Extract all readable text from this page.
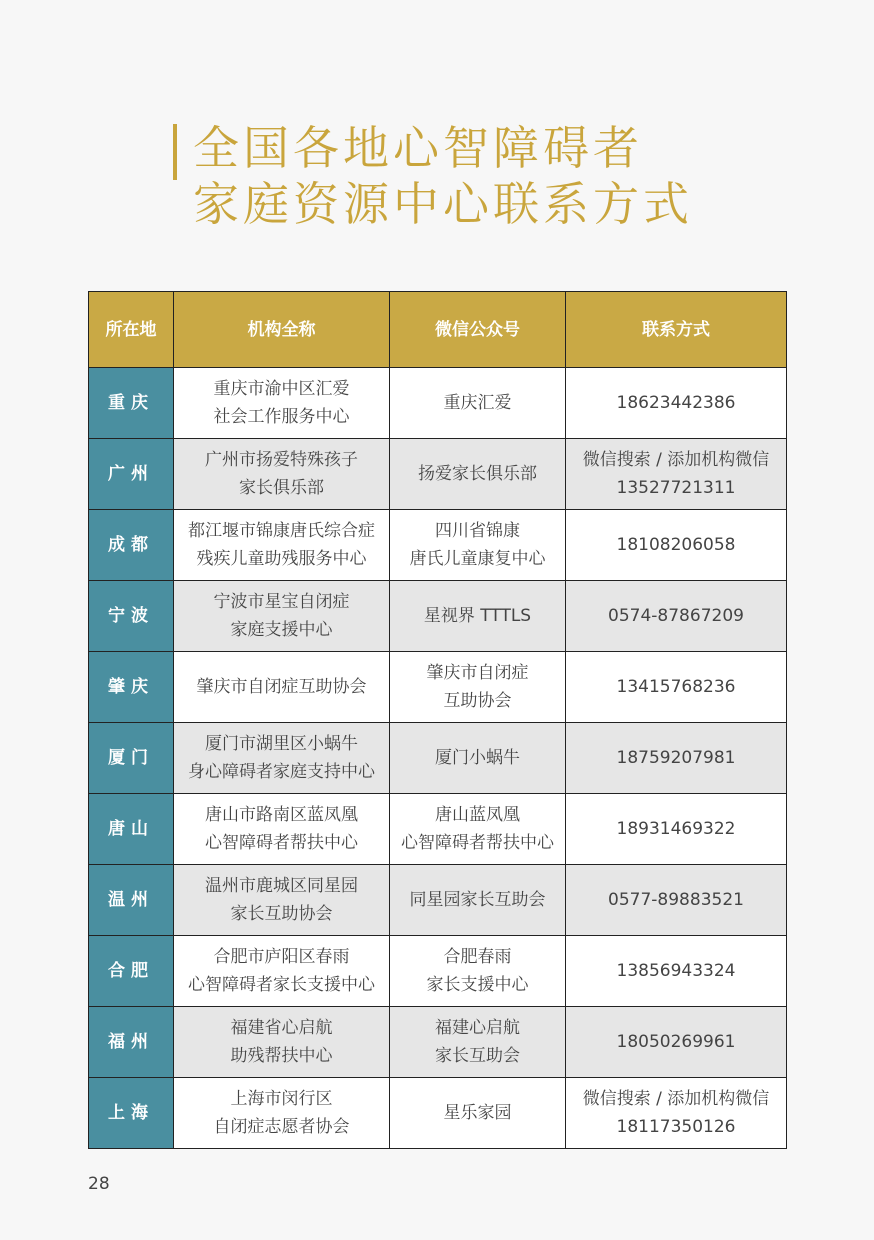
全国各地心智障碍者
家庭资源中心联系方式
所在地	机构全称	微信公众号	联系方式
重庆	重庆市渝中区汇爱
社会工作服务中心	重庆汇爱	18623442386

广州	广州市扬爱特殊孩子
家长俱乐部	扬爱家长俱乐部	微信搜索 / 添加机构微信
13527721311

成都	都江堰市锦康唐氏综合症
残疾儿童助残服务中心	四川省锦康
唐氏儿童康复中心	18108206058

宁波	宁波市星宝自闭症
家庭支援中心	星视界 TTTLS	0574-87867209

肇庆	肇庆市自闭症互助协会	肇庆市自闭症
互助协会	13415768236

厦门	厦门市湖里区小蜗牛
身心障碍者家庭支持中心	厦门小蜗牛	18759207981

唐山	唐山市路南区蓝凤凰
心智障碍者帮扶中心	唐山蓝凤凰
心智障碍者帮扶中心	18931469322

温州	温州市鹿城区同星园
家长互助协会	同星园家长互助会	0577-89883521

合肥	合肥市庐阳区春雨
心智障碍者家长支援中心	合肥春雨
家长支援中心	13856943324

福州	福建省心启航
助残帮扶中心	福建心启航
家长互助会	18050269961

上海	上海市闵行区
自闭症志愿者协会	星乐家园	微信搜索 / 添加机构微信
18117350126
28
